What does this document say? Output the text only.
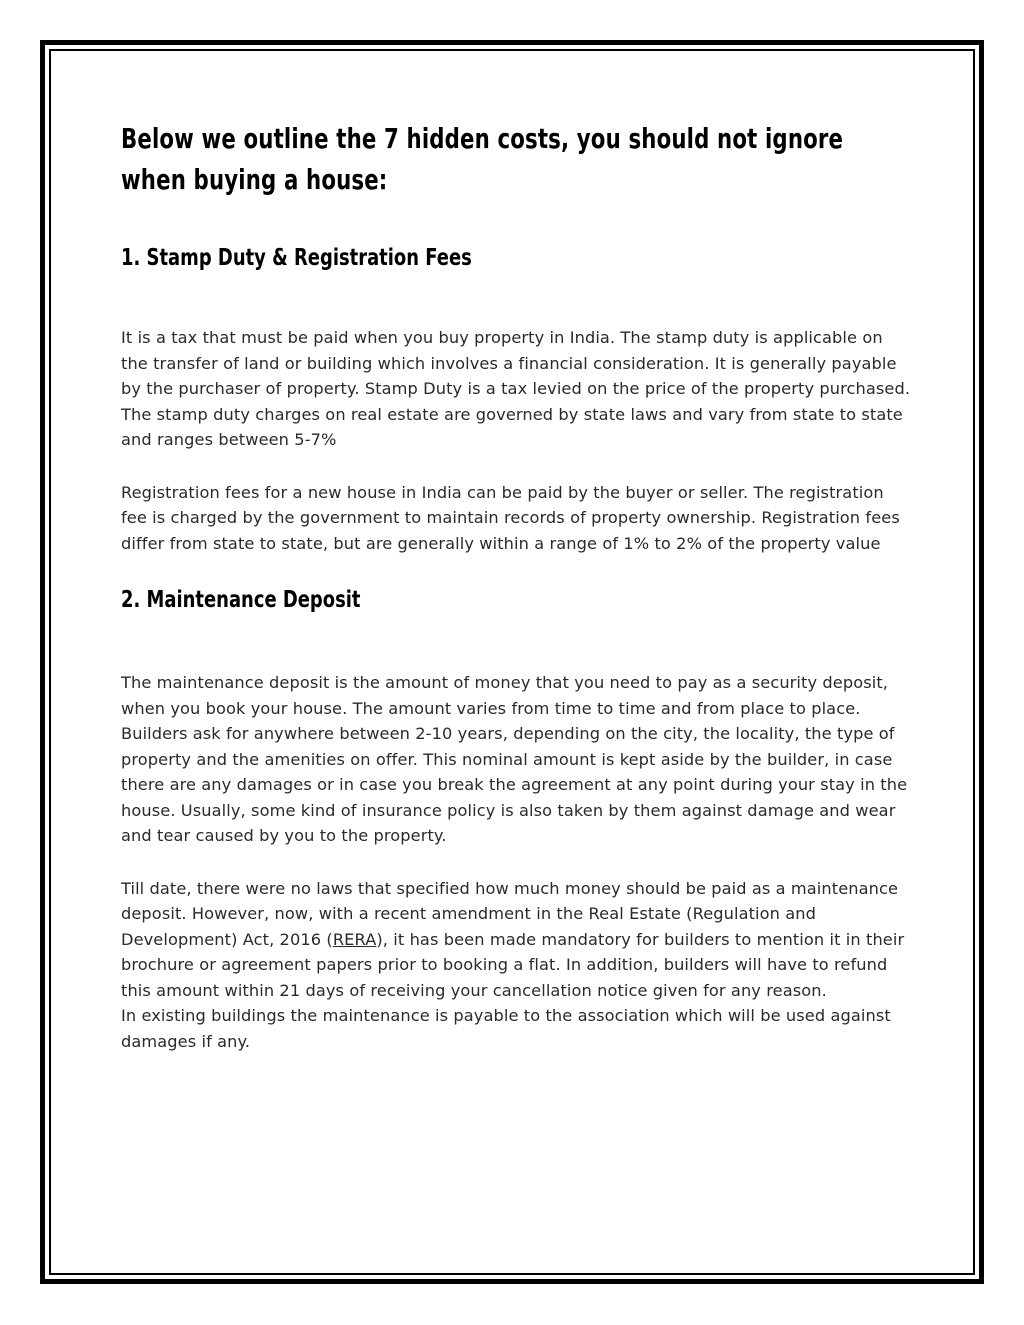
Below we outline the 7 hidden costs, you should not ignore when buying a house:
1. Stamp Duty & Registration Fees

It is a tax that must be paid when you buy property in India. The stamp duty is applicable on the transfer of land or building which involves a financial consideration. It is generally payable by the purchaser of property. Stamp Duty is a tax levied on the price of the property purchased. The stamp duty charges on real estate are governed by state laws and vary from state to state and ranges between 5-7%

Registration fees for a new house in India can be paid by the buyer or seller. The registration fee is charged by the government to maintain records of property ownership. Registration fees differ from state to state, but are generally within a range of 1% to 2% of the property value

2. Maintenance Deposit

The maintenance deposit is the amount of money that you need to pay as a security deposit, when you book your house. The amount varies from time to time and from place to place. Builders ask for anywhere between 2-10 years, depending on the city, the locality, the type of property and the amenities on offer. This nominal amount is kept aside by the builder, in case there are any damages or in case you break the agreement at any point during your stay in the house. Usually, some kind of insurance policy is also taken by them against damage and wear and tear caused by you to the property.

Till date, there were no laws that specified how much money should be paid as a maintenance deposit. However, now, with a recent amendment in the Real Estate (Regulation and Development) Act, 2016 (RERA), it has been made mandatory for builders to mention it in their brochure or agreement papers prior to booking a flat. In addition, builders will have to refund this amount within 21 days of receiving your cancellation notice given for any reason.

In existing buildings the maintenance is payable to the association which will be used against damages if any.
